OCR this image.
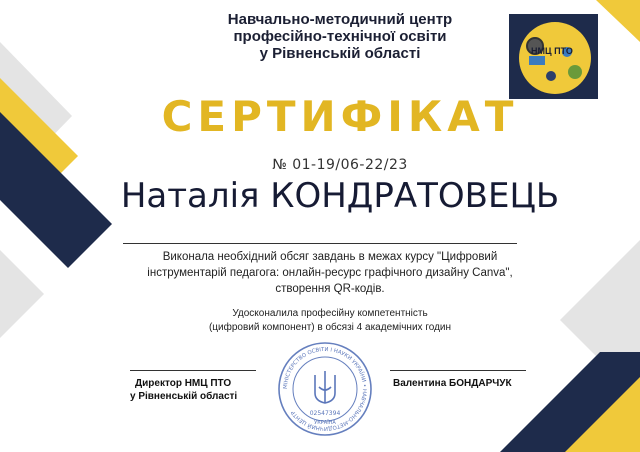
Навчально-методичний центр
професійно-технічної освіти
у Рівненській області	НМЦ ПТО
СЕРТИФІКАТ
№ 01-19/06-22/23
Наталія КОНДРАТОВЕЦЬ
Виконала необхідний обсяг завдань в межах курсу "Цифровий
інструментарій педагога: онлайн-ресурс графічного дизайну Canva",
створення QR-кодів.
Удосконалила професійну компетентність
(цифровий компонент) в обсязі 4 академічних годин
Директор НМЦ ПТО
у Рівненській області
Валентина БОНДАРЧУК
МІНІСТЕРСТВО ОСВІТИ І НАУКИ УКРАЇНИ • НАВЧАЛЬНО-МЕТОДИЧНИЙ ЦЕНТР	02547394
УКРАЇНА
